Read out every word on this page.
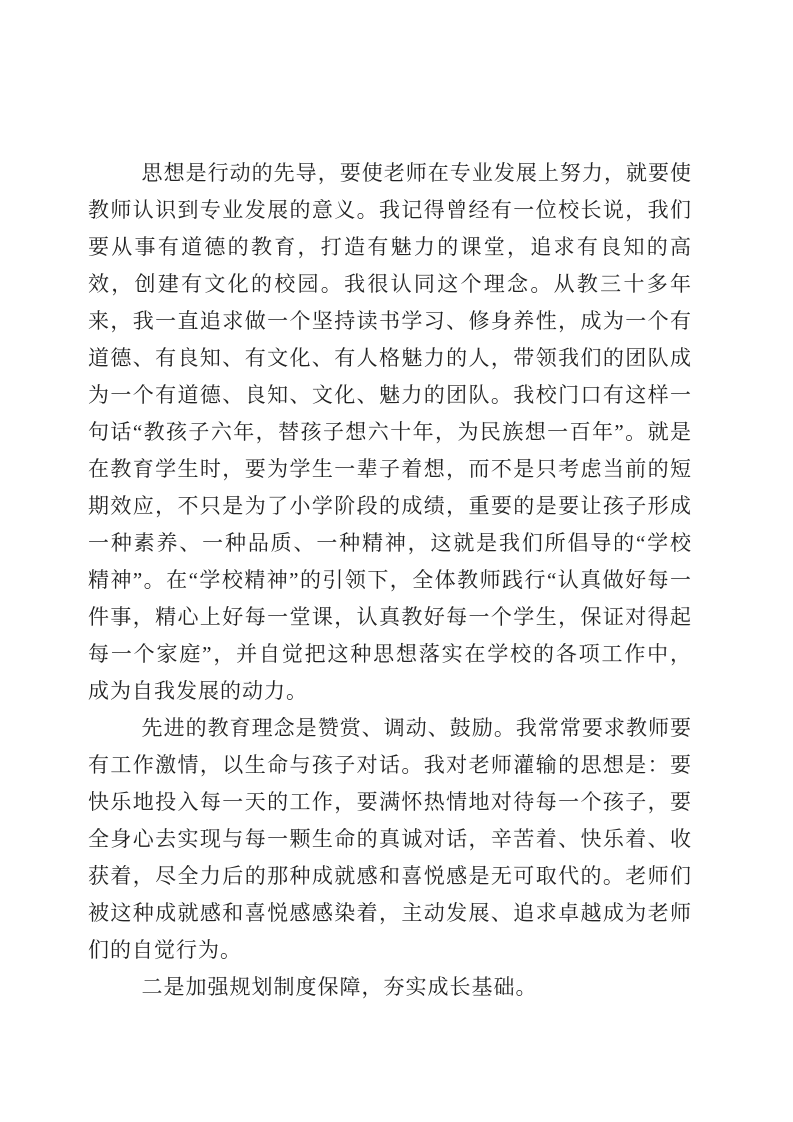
思想是行动的先导，要使老师在专业发展上努力，就要使教师认识到专业发展的意义。我记得曾经有一位校长说，我们要从事有道德的教育，打造有魅力的课堂，追求有良知的高效，创建有文化的校园。我很认同这个理念。从教三十多年来，我一直追求做一个坚持读书学习、修身养性，成为一个有道德、有良知、有文化、有人格魅力的人，带领我们的团队成为一个有道德、良知、文化、魅力的团队。我校门口有这样一句话“教孩子六年，替孩子想六十年，为民族想一百年”。就是在教育学生时，要为学生一辈子着想，而不是只考虑当前的短期效应，不只是为了小学阶段的成绩，重要的是要让孩子形成一种素养、一种品质、一种精神，这就是我们所倡导的“学校精神”。在“学校精神”的引领下，全体教师践行“认真做好每一件事，精心上好每一堂课，认真教好每一个学生，保证对得起每一个家庭”，并自觉把这种思想落实在学校的各项工作中，成为自我发展的动力。

先进的教育理念是赞赏、调动、鼓励。我常常要求教师要有工作激情，以生命与孩子对话。我对老师灌输的思想是：要快乐地投入每一天的工作，要满怀热情地对待每一个孩子，要全身心去实现与每一颗生命的真诚对话，辛苦着、快乐着、收获着，尽全力后的那种成就感和喜悦感是无可取代的。老师们被这种成就感和喜悦感感染着，主动发展、追求卓越成为老师们的自觉行为。

二是加强规划制度保障，夯实成长基础。
